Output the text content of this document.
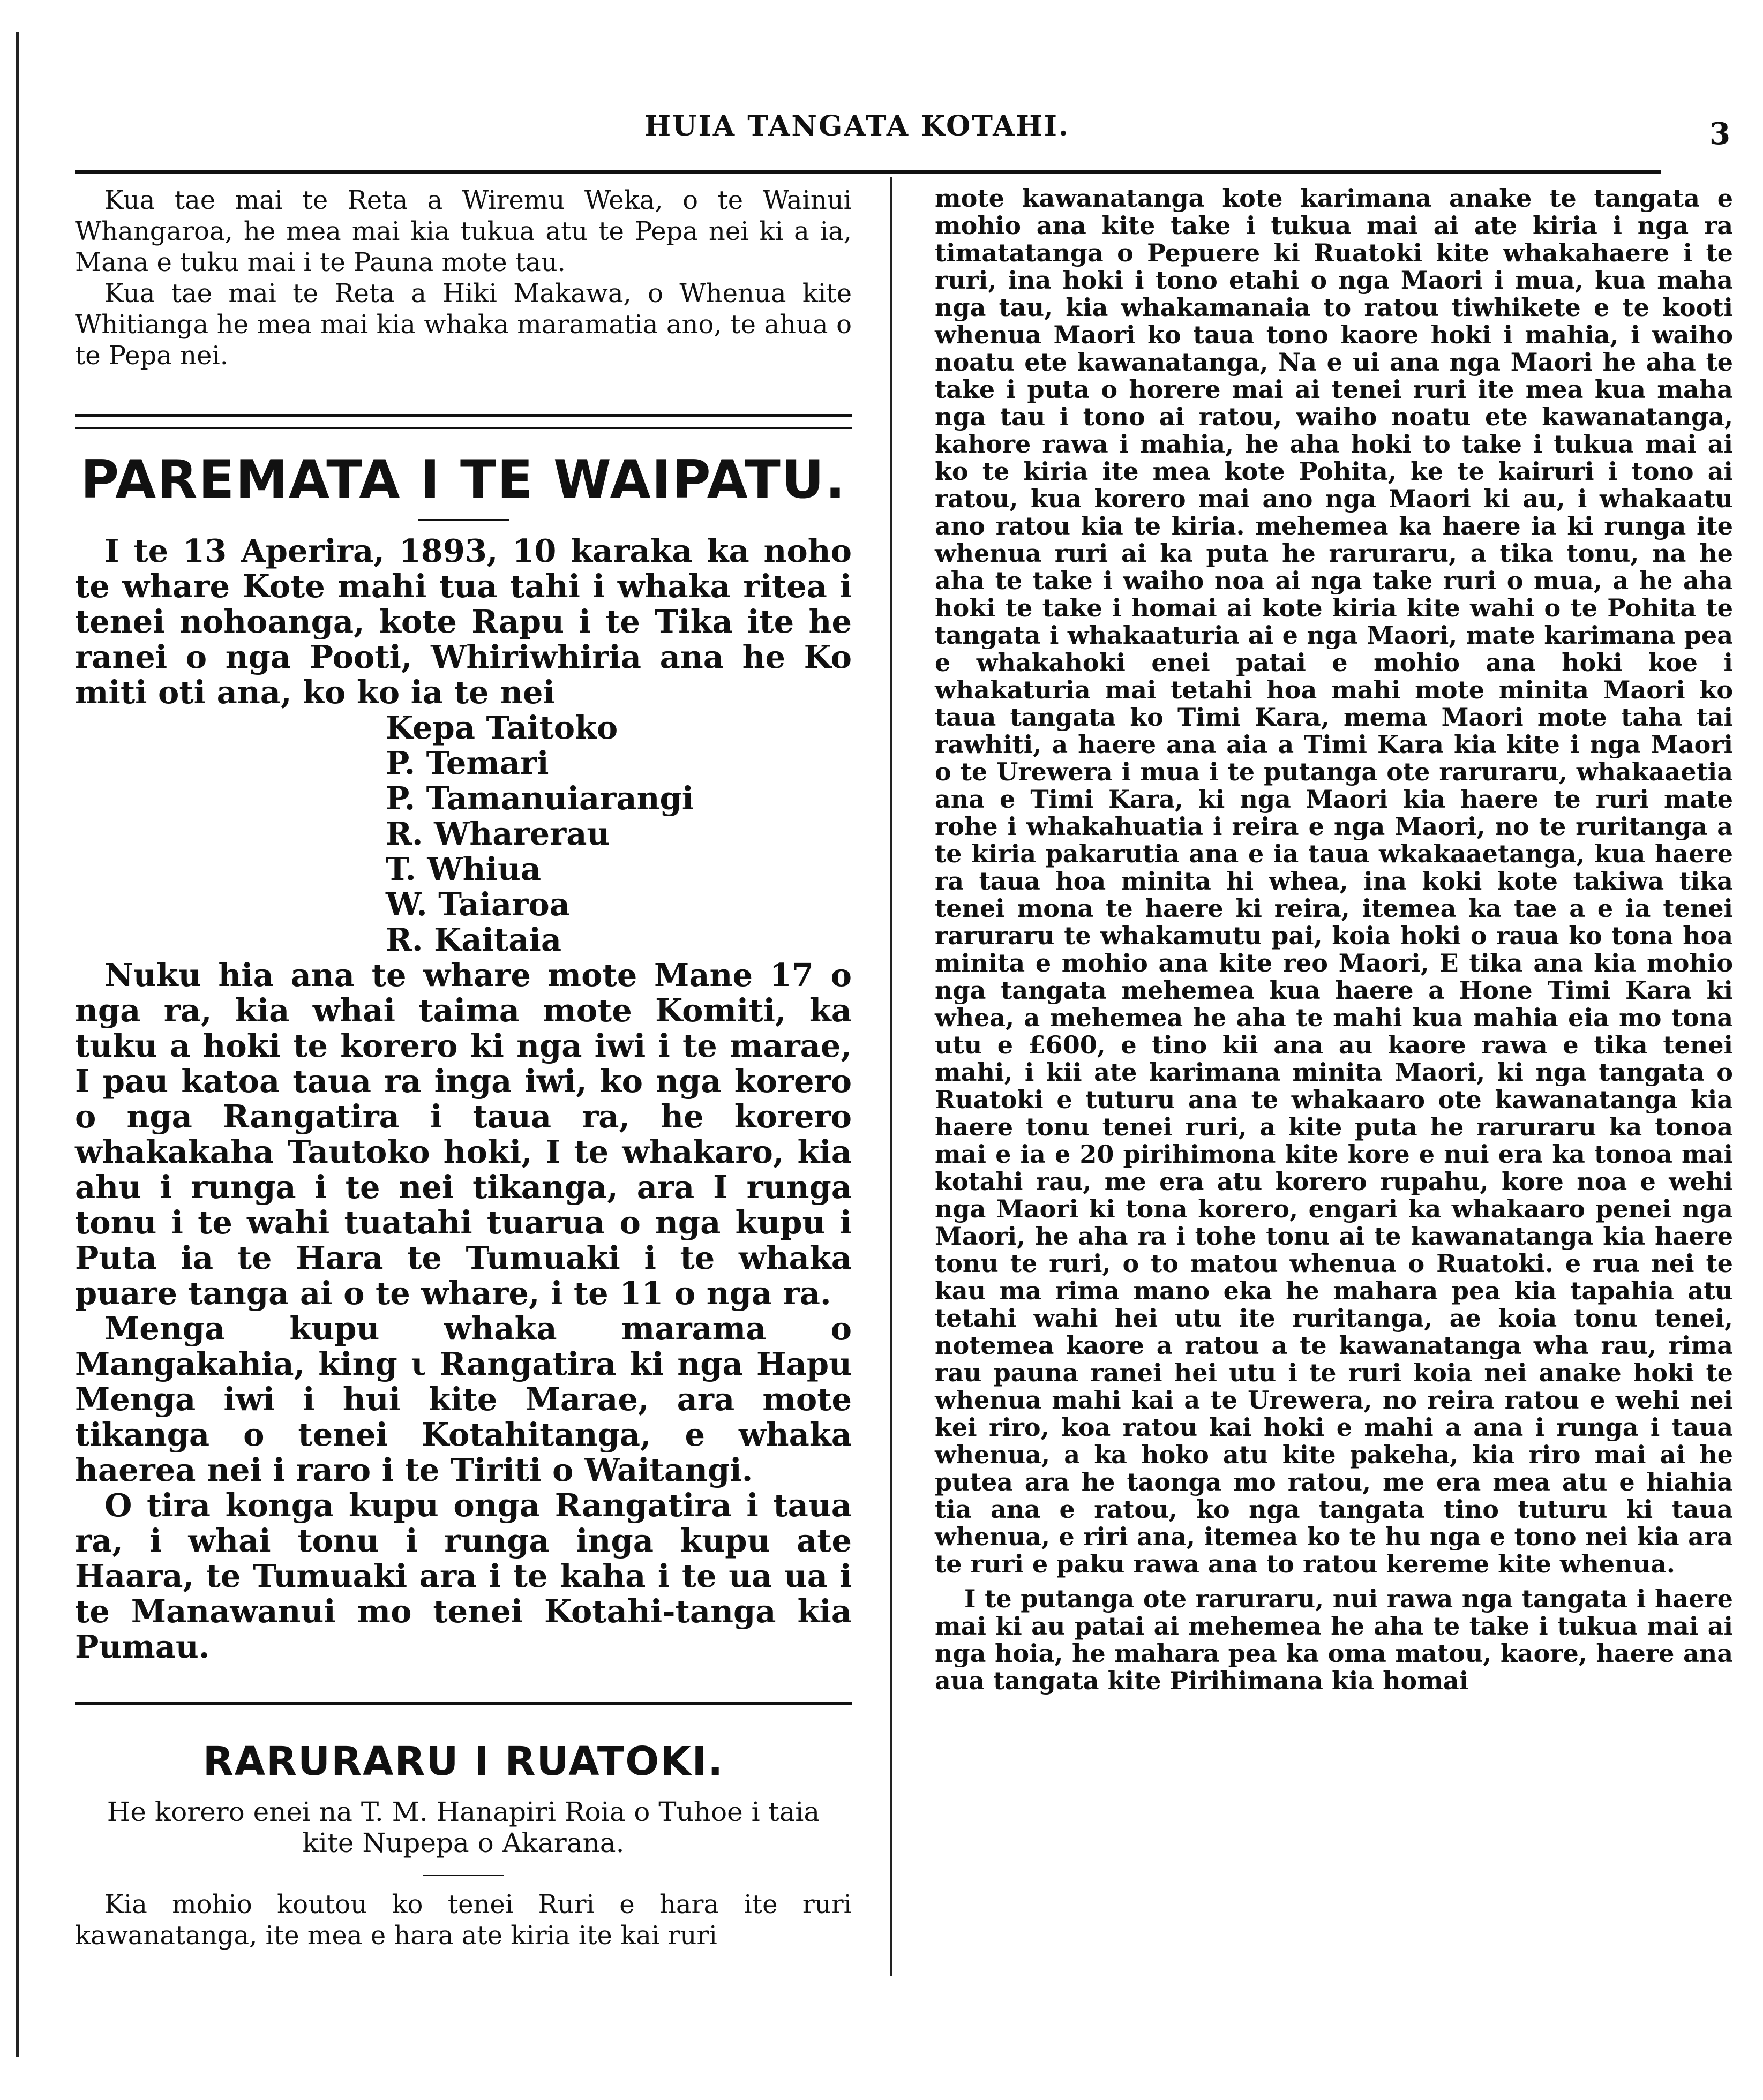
HUIA TANGATA KOTAHI.	3

Kua tae mai te Reta a Wiremu Weka, o te Wainui Whangaroa, he mea mai kia tukua atu te Pepa nei ki a ia, Mana e tuku mai i te Pauna mote tau.

Kua tae mai te Reta a Hiki Makawa, o Whenua kite Whitianga he mea mai kia whaka maramatia ano, te ahua o te Pepa nei.

PAREMATA I TE WAIPATU.

I te 13 Aperira, 1893, 10 karaka ka noho te whare Kote mahi tua tahi i whaka ritea i tenei nohoanga, kote Rapu i te Tika ite he ranei o nga Pooti, Whiriwhiria ana he Ko miti oti ana, ko ko ia te nei

Kepa Taitoko
P. Temari
P. Tamanuiarangi
R. Wharerau
T. Whiua
W. Taiaroa
R. Kaitaia

Nuku hia ana te whare mote Mane 17 o nga ra, kia whai taima mote Komiti, ka tuku a hoki te korero ki nga iwi i te marae, I pau katoa taua ra inga iwi, ko nga korero o nga Rangatira i taua ra, he korero whakakaha Tautoko hoki, I te whakaro, kia ahu i runga i te nei tikanga, ara I runga tonu i te wahi tuatahi tuarua o nga kupu i Puta ia te Hara te Tumuaki i te whaka puare tanga ai o te whare, i te 11 o nga ra.

Menga kupu whaka marama o Mangakahia, king ι Rangatira ki nga Hapu Menga iwi i hui kite Marae, ara mote tikanga o tenei Kotahitanga, e whaka haerea nei i raro i te Tiriti o Waitangi.

O tira konga kupu onga Rangatira i taua ra, i whai tonu i runga inga kupu ate Haara, te Tumuaki ara i te kaha i te ua ua i te Manawanui mo tenei Kotahi-tanga kia Pumau.

RARURARU I RUATOKI.

He korero enei na T. M. Hanapiri Roia o Tuhoe i taia kite Nupepa o Akarana.

Kia mohio koutou ko tenei Ruri e hara ite ruri kawanatanga, ite mea e hara ate kiria ite kai ruri

mote kawanatanga kote karimana anake te tangata e mohio ana kite take i tukua mai ai ate kiria i nga ra timatatanga o Pepuere ki Ruatoki kite whakahaere i te ruri, ina hoki i tono etahi o nga Maori i mua, kua maha nga tau, kia whakamanaia to ratou tiwhikete e te kooti whenua Maori ko taua tono kaore hoki i mahia, i waiho noatu ete kawanatanga, Na e ui ana nga Maori he aha te take i puta o horere mai ai tenei ruri ite mea kua maha nga tau i tono ai ratou, waiho noatu ete kawanatanga, kahore rawa i mahia, he aha hoki to take i tukua mai ai ko te kiria ite mea kote Pohita, ke te kairuri i tono ai ratou, kua korero mai ano nga Maori ki au, i whakaatu ano ratou kia te kiria. mehemea ka haere ia ki runga ite whenua ruri ai ka puta he raruraru, a tika tonu, na he aha te take i waiho noa ai nga take ruri o mua, a he aha hoki te take i homai ai kote kiria kite wahi o te Pohita te tangata i whakaaturia ai e nga Maori, mate karimana pea e whakahoki enei patai e mohio ana hoki koe i whakaturia mai tetahi hoa mahi mote minita Maori ko taua tangata ko Timi Kara, mema Maori mote taha tai rawhiti, a haere ana aia a Timi Kara kia kite i nga Maori o te Urewera i mua i te putanga ote raruraru, whakaaetia ana e Timi Kara, ki nga Maori kia haere te ruri mate rohe i whakahuatia i reira e nga Maori, no te ruritanga a te kiria pakarutia ana e ia taua wkakaaetanga, kua haere ra taua hoa minita hi whea, ina koki kote takiwa tika tenei mona te haere ki reira, itemea ka tae a e ia tenei raruraru te whakamutu pai, koia hoki o raua ko tona hoa minita e mohio ana kite reo Maori, E tika ana kia mohio nga tangata mehemea kua haere a Hone Timi Kara ki whea, a mehemea he aha te mahi kua mahia eia mo tona utu e £600, e tino kii ana au kaore rawa e tika tenei mahi, i kii ate karimana minita Maori, ki nga tangata o Ruatoki e tuturu ana te whakaaro ote kawanatanga kia haere tonu tenei ruri, a kite puta he raruraru ka tonoa mai e ia e 20 pirihimona kite kore e nui era ka tonoa mai kotahi rau, me era atu korero rupahu, kore noa e wehi nga Maori ki tona korero, engari ka whakaaro penei nga Maori, he aha ra i tohe tonu ai te kawanatanga kia haere tonu te ruri, o to matou whenua o Ruatoki. e rua nei te kau ma rima mano eka he mahara pea kia tapahia atu tetahi wahi hei utu ite ruritanga, ae koia tonu tenei, notemea kaore a ratou a te kawanatanga wha rau, rima rau pauna ranei hei utu i te ruri koia nei anake hoki te whenua mahi kai a te Urewera, no reira ratou e wehi nei kei riro, koa ratou kai hoki e mahi a ana i runga i taua whenua, a ka hoko atu kite pakeha, kia riro mai ai he putea ara he taonga mo ratou, me era mea atu e hiahia tia ana e ratou, ko nga tangata tino tuturu ki taua whenua, e riri ana, itemea ko te hu nga e tono nei kia ara te ruri e paku rawa ana to ratou kereme kite whenua.

I te putanga ote raruraru, nui rawa nga tangata i haere mai ki au patai ai mehemea he aha te take i tukua mai ai nga hoia, he mahara pea ka oma matou, kaore, haere ana aua tangata kite Pirihimana kia homai
